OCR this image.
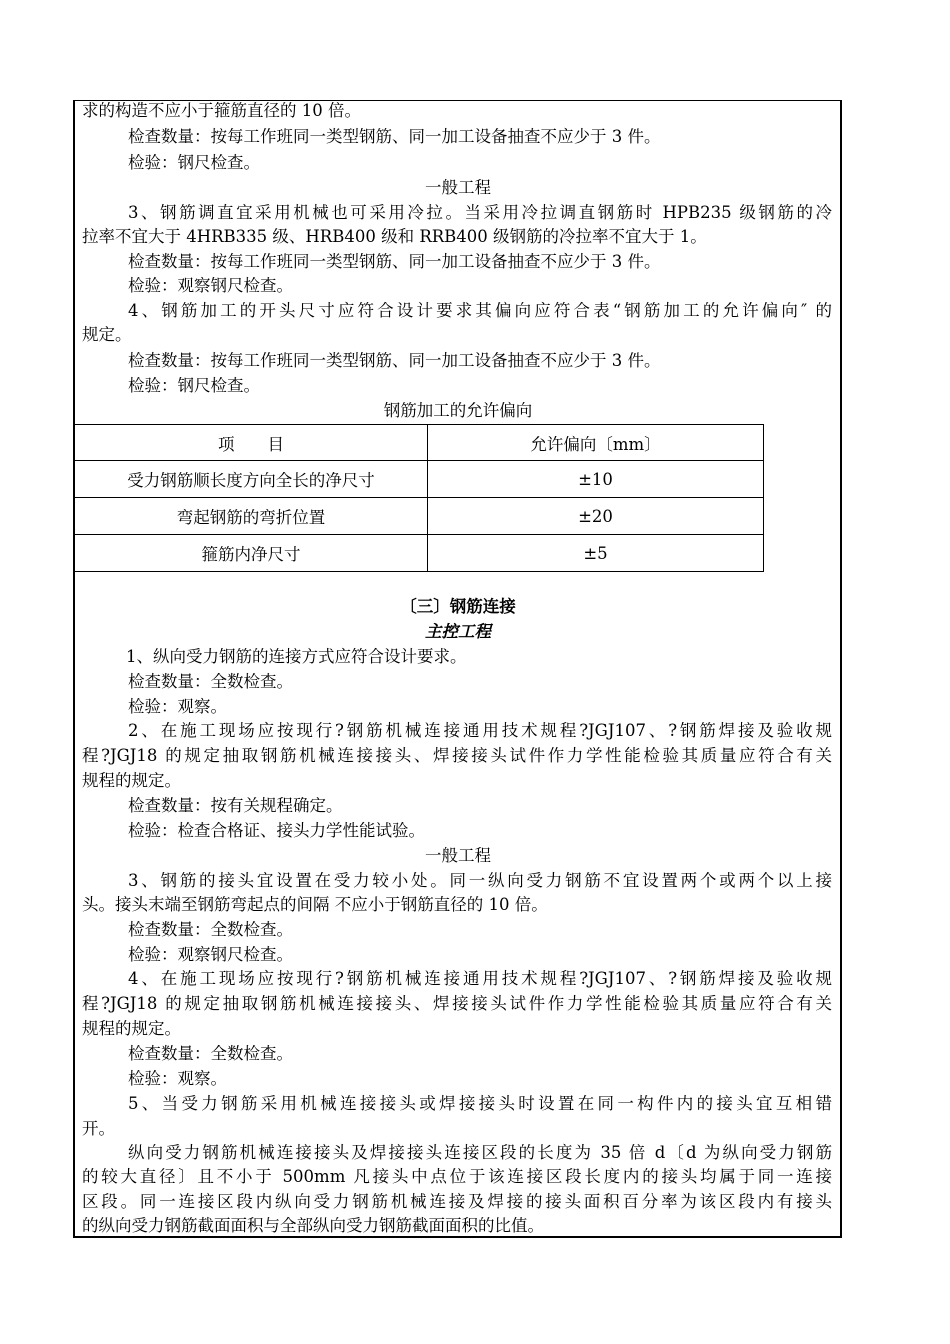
求的构造不应小于箍筋直径的 10 倍。
检查数量：按每工作班同一类型钢筋、同一加工设备抽查不应少于 3 件。
检验：钢尺检查。
一般工程
3、钢筋调直宜采用机械也可采用冷拉。当采用冷拉调直钢筋时 HPB235 级钢筋的冷
拉率不宜大于 4HRB335 级、HRB400 级和 RRB400 级钢筋的冷拉率不宜大于 1。
检查数量：按每工作班同一类型钢筋、同一加工设备抽查不应少于 3 件。
检验：观察钢尺检查。
4、钢筋加工的开头尺寸应符合设计要求其偏向应符合表“钢筋加工的允许偏向″ 的
规定。
检查数量：按每工作班同一类型钢筋、同一加工设备抽查不应少于 3 件。
检验：钢尺检查。
钢筋加工的允许偏向
项　　目	允许偏向〔mm〕
受力钢筋顺长度方向全长的净尺寸	±10
弯起钢筋的弯折位置	±20
箍筋内净尺寸	±5
〔三〕钢筋连接
主控工程
1、纵向受力钢筋的连接方式应符合设计要求。
检查数量：全数检查。
检验：观察。
2、在施工现场应按现行?钢筋机械连接通用技术规程?JGJ107、?钢筋焊接及验收规
程?JGJ18 的规定抽取钢筋机械连接接头、焊接接头试件作力学性能检验其质量应符合有关
规程的规定。
检查数量：按有关规程确定。
检验：检查合格证、接头力学性能试验。
一般工程
3、钢筋的接头宜设置在受力较小处。同一纵向受力钢筋不宜设置两个或两个以上接
头。接头末端至钢筋弯起点的间隔 不应小于钢筋直径的 10 倍。
检查数量：全数检查。
检验：观察钢尺检查。
4、在施工现场应按现行?钢筋机械连接通用技术规程?JGJ107、?钢筋焊接及验收规
程?JGJ18 的规定抽取钢筋机械连接接头、焊接接头试件作力学性能检验其质量应符合有关
规程的规定。
检查数量：全数检查。
检验：观察。
5、当受力钢筋采用机械连接接头或焊接接头时设置在同一构件内的接头宜互相错
开。
纵向受力钢筋机械连接接头及焊接接头连接区段的长度为 35 倍 d〔d 为纵向受力钢筋
的较大直径〕且不小于 500mm 凡接头中点位于该连接区段长度内的接头均属于同一连接
区段。同一连接区段内纵向受力钢筋机械连接及焊接的接头面积百分率为该区段内有接头
的纵向受力钢筋截面面积与全部纵向受力钢筋截面面积的比值。
